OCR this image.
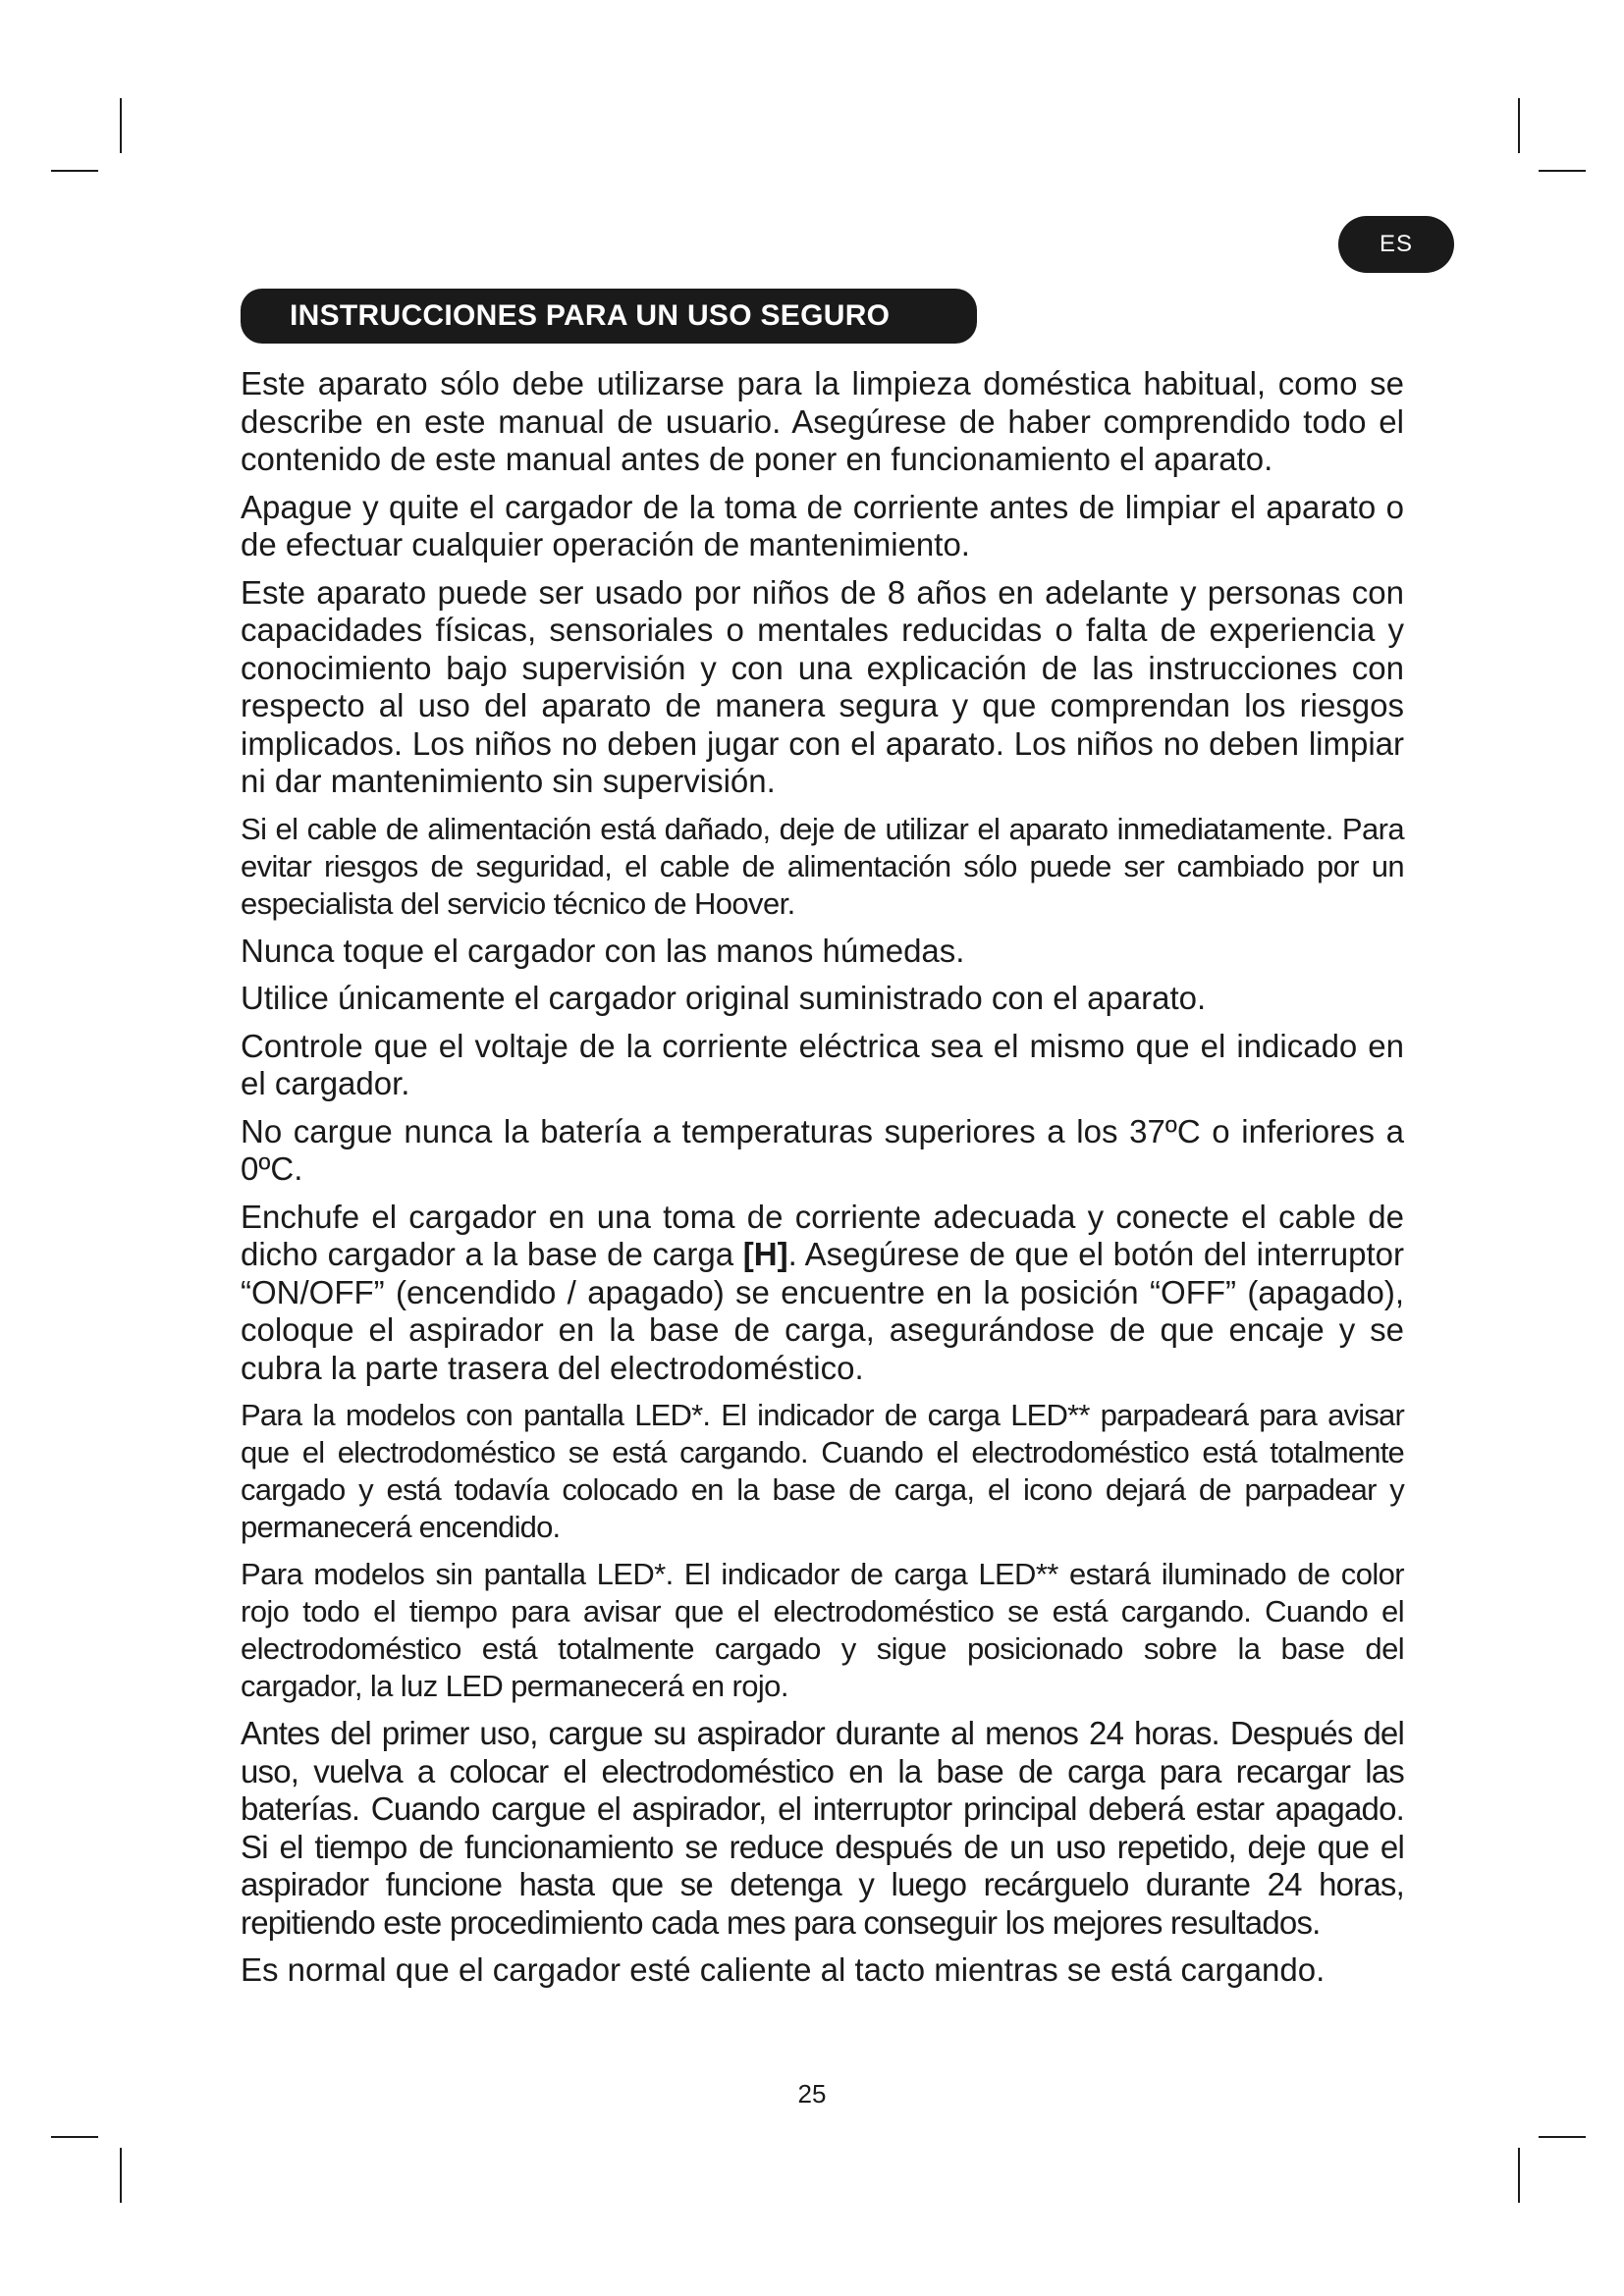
ES
INSTRUCCIONES PARA UN USO SEGURO

Este aparato sólo debe utilizarse para la limpieza doméstica habitual, como se describe en este manual de usuario. Asegúrese de haber comprendido todo el contenido de este manual antes de poner en funcionamiento el aparato.

Apague y quite el cargador de la toma de corriente antes de limpiar el aparato o de efectuar cualquier operación de mantenimiento.

Este aparato puede ser usado por niños de 8 años en adelante y personas con capacidades físicas, sensoriales o mentales reducidas o falta de experiencia y conocimiento bajo supervisión y con una explicación de las instrucciones con respecto al uso del aparato de manera segura y que comprendan los riesgos implicados. Los niños no deben jugar con el aparato. Los niños no deben limpiar ni dar mantenimiento sin supervisión.

Si el cable de alimentación está dañado, deje de utilizar el aparato inmediatamente. Para evitar riesgos de seguridad, el cable de alimentación sólo puede ser cambiado por un especialista del servicio técnico de Hoover.

Nunca toque el cargador con las manos húmedas.

Utilice únicamente el cargador original suministrado con el aparato.

Controle que el voltaje de la corriente eléctrica sea el mismo que el indicado en el cargador.

No cargue nunca la batería a temperaturas superiores a los 37ºC o inferiores a 0ºC.

Enchufe el cargador en una toma de corriente adecuada y conecte el cable de dicho cargador a la base de carga [H]. Asegúrese de que el botón del interruptor “ON/OFF” (encendido / apagado) se encuentre en la posición “OFF” (apagado), coloque el aspirador en la base de carga, asegurándose de que encaje y se cubra la parte trasera del electrodoméstico.

Para la modelos con pantalla LED*. El indicador de carga LED** parpadeará para avisar que el electrodoméstico se está cargando. Cuando el electrodoméstico está totalmente cargado y está todavía colocado en la base de carga, el icono dejará de parpadear y permanecerá encendido.

Para modelos sin pantalla LED*. El indicador de carga LED** estará iluminado de color rojo todo el tiempo para avisar que el electrodoméstico se está cargando. Cuando el electrodoméstico está totalmente cargado y sigue posicionado sobre la base del cargador, la luz LED permanecerá en rojo.

Antes del primer uso, cargue su aspirador durante al menos 24 horas. Después del uso, vuelva a colocar el electrodoméstico en la base de carga para recargar las baterías. Cuando cargue el aspirador, el interruptor principal deberá estar apagado. Si el tiempo de funcionamiento se reduce después de un uso repetido, deje que el aspirador funcione hasta que se detenga y luego recárguelo durante 24 horas, repitiendo este procedimiento cada mes para conseguir los mejores resultados.

Es normal que el cargador esté caliente al tacto mientras se está cargando.

25
